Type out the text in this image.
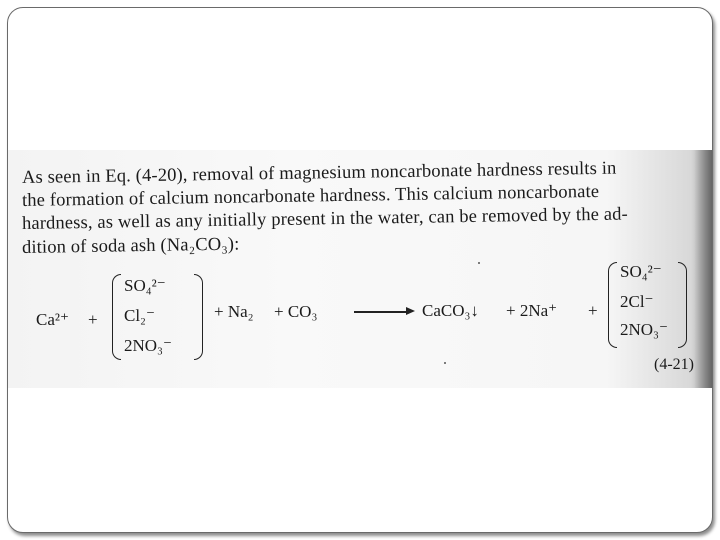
As seen in Eq. (4-20), removal of magnesium noncarbonate hardness results in
the formation of calcium noncarbonate hardness. This calcium noncarbonate
hardness, as well as any initially present in the water, can be removed by the ad-
dition of soda ash (Na₂CO₃):
Ca²⁺ +
SO₄²⁻
Cl₂⁻
2NO₃⁻
+ Na₂ + CO₃	CaCO₃↓ + 2Na⁺ +
SO₄²⁻
2Cl⁻
2NO₃⁻
(4-21)
